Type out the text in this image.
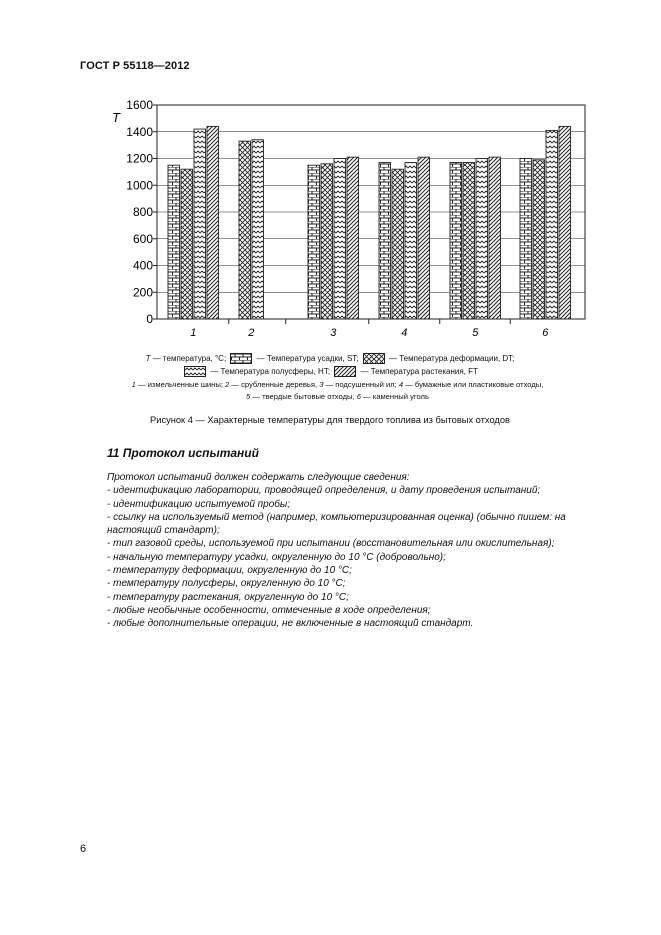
ГОСТ Р 55118—2012
T
0
200
400
600
800
1000
1200
1400
1600
1	2	3	4	5	6
T — температура, °C;	— Температура усадки, ST;	— Температура деформации, DT;
— Температура полусферы, HT;	— Температура растекания, FT
1 — измельченные шины; 2 — срубленные деревья, 3 — подсушенный ил; 4 — бумажные или пластиковые отходы,
5 — твердые бытовые отходы, 6 — каменный уголь
Рисунок 4 — Характерные температуры для твердого топлива из бытовых отходов
11 Протокол испытаний

Протокол испытаний должен содержать следующие сведения:

- идентификацию лаборатории, проводящей определения, и дату проведения испытаний;

- идентификацию испытуемой пробы;

- ссылку на используемый метод (например, компьютеризированная оценка) (обычно пишем: на

настоящий стандарт);

- тип газовой среды, используемой при испытании (восстановительная или окислительная);

- начальную температуру усадки, округленную до 10 °С (добровольно);

- температуру деформации, округленную до 10 °С;

- температуру полусферы, округленную до 10 °С;

- температуру растекания, округленную до 10 °С;

- любые необычные особенности, отмеченные в ходе определения;

- любые дополнительные операции, не включенные в настоящий стандарт.

6
